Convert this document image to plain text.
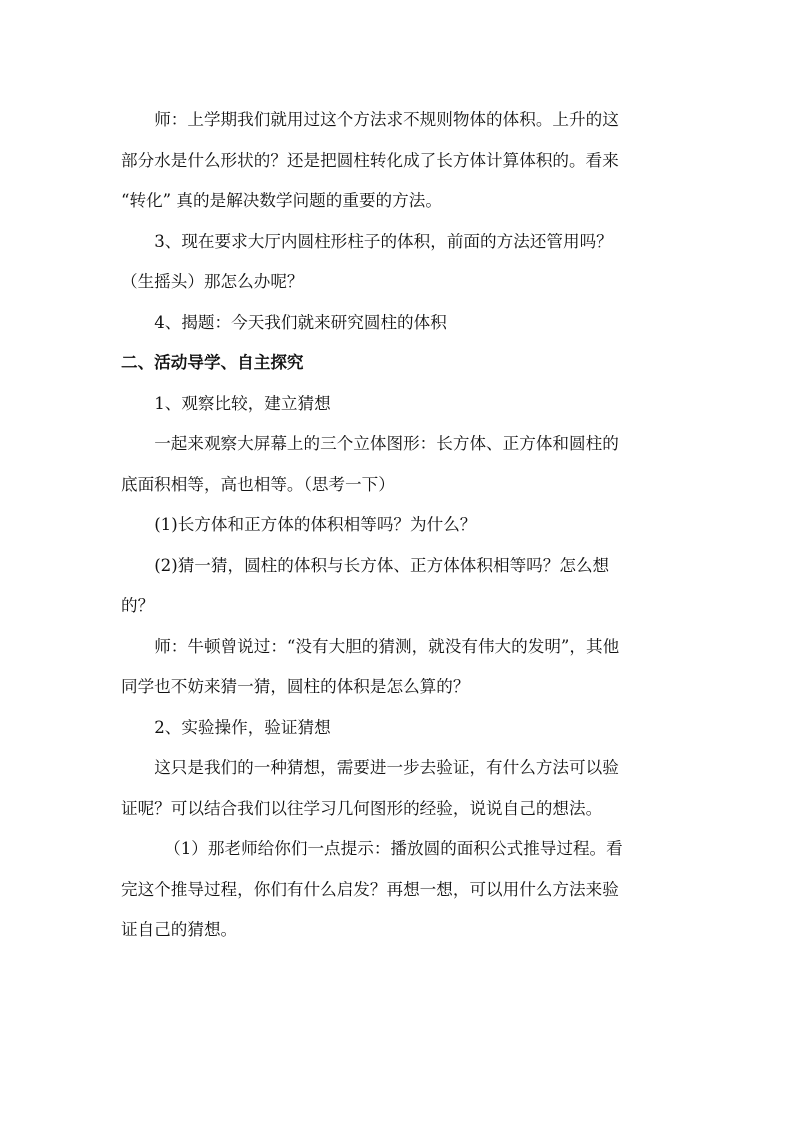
师：上学期我们就用过这个方法求不规则物体的体积。上升的这
部分水是什么形状的？还是把圆柱转化成了长方体计算体积的。看来
“转化” 真的是解决数学问题的重要的方法。
3、现在要求大厅内圆柱形柱子的体积，前面的方法还管用吗？
（生摇头）那怎么办呢？
4、揭题：今天我们就来研究圆柱的体积
二、活动导学、自主探究
1、观察比较，建立猜想
一起来观察大屏幕上的三个立体图形：长方体、正方体和圆柱的
底面积相等，高也相等。（思考一下）
(1)长方体和正方体的体积相等吗？为什么？
(2)猜一猜，圆柱的体积与长方体、正方体体积相等吗？怎么想
的？
师：牛顿曾说过：“没有大胆的猜测，就没有伟大的发明”，其他
同学也不妨来猜一猜，圆柱的体积是怎么算的？
2、实验操作，验证猜想
这只是我们的一种猜想，需要进一步去验证，有什么方法可以验
证呢？可以结合我们以往学习几何图形的经验，说说自己的想法。
（1）那老师给你们一点提示：播放圆的面积公式推导过程。看
完这个推导过程，你们有什么启发？再想一想，可以用什么方法来验
证自己的猜想。
